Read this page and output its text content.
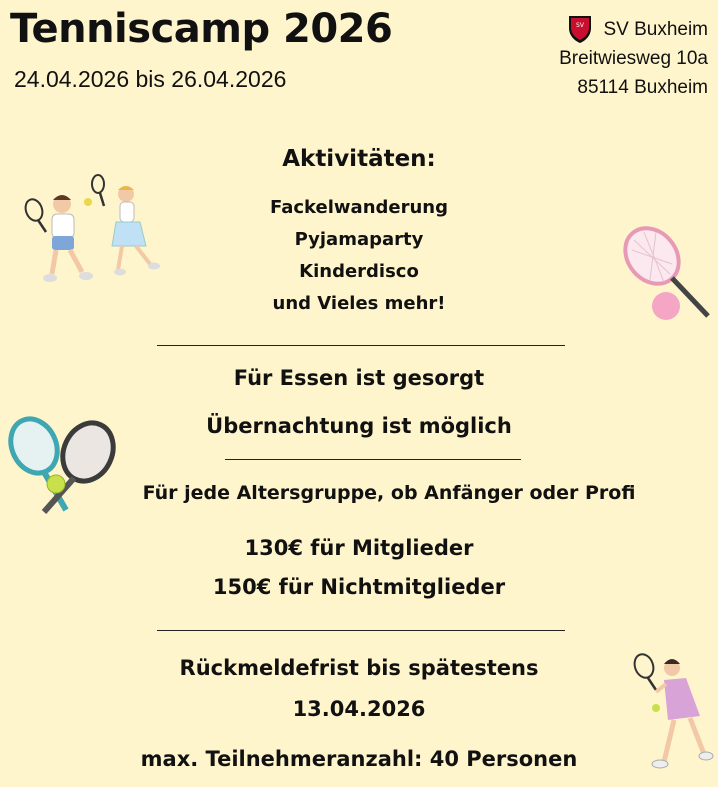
Tenniscamp 2026
24.04.2026 bis 26.04.2026
SV SV Buxheim
Breitwiesweg 10a
85114 Buxheim
Aktivitäten:
Fackelwanderung
Pyjamaparty
Kinderdisco
und Vieles mehr!
Für Essen ist gesorgt
Übernachtung ist möglich
Für jede Altersgruppe, ob Anfänger oder Profi
130€ für Mitglieder
150€ für Nichtmitglieder
Rückmeldefrist bis spätestens
13.04.2026
max. Teilnehmeranzahl: 40 Personen
